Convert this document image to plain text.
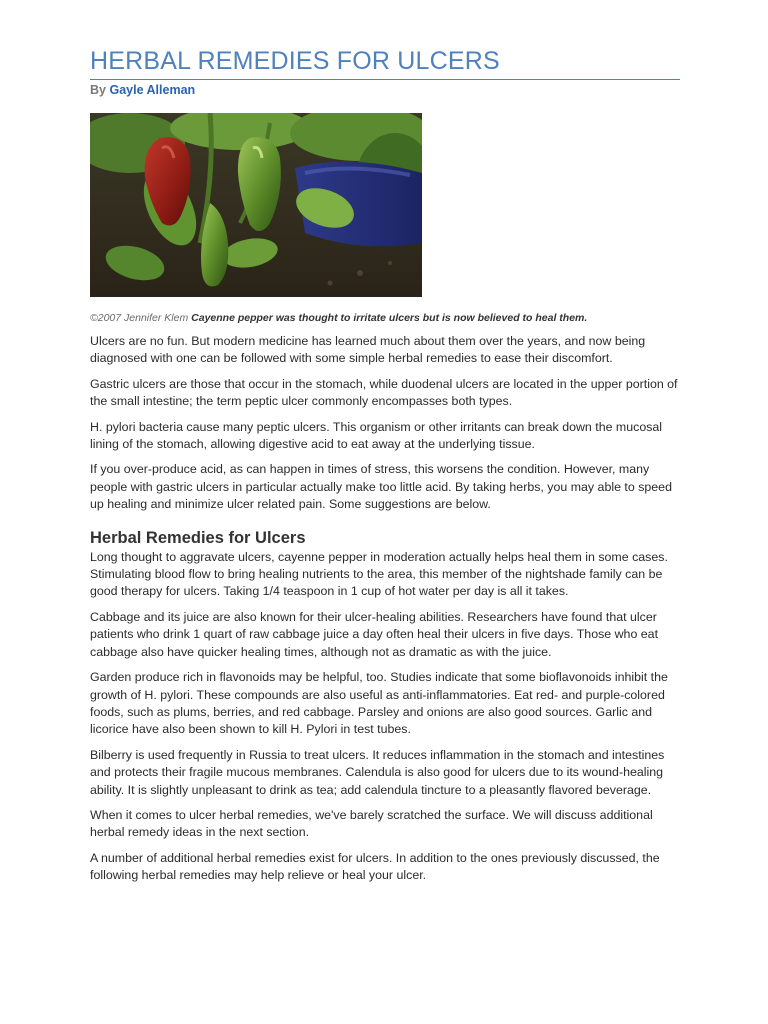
HERBAL REMEDIES FOR ULCERS
By Gayle Alleman
©2007 Jennifer Klem Cayenne pepper was thought to irritate ulcers but is now believed to heal them.

Ulcers are no fun. But modern medicine has learned much about them over the years, and now being diagnosed with one can be followed with some simple herbal remedies to ease their discomfort.

Gastric ulcers are those that occur in the stomach, while duodenal ulcers are located in the upper portion of the small intestine; the term peptic ulcer commonly encompasses both types.

H. pylori bacteria cause many peptic ulcers. This organism or other irritants can break down the mucosal lining of the stomach, allowing digestive acid to eat away at the underlying tissue.

If you over-produce acid, as can happen in times of stress, this worsens the condition. However, many people with gastric ulcers in particular actually make too little acid. By taking herbs, you may able to speed up healing and minimize ulcer related pain. Some suggestions are below.

Herbal Remedies for Ulcers

Long thought to aggravate ulcers, cayenne pepper in moderation actually helps heal them in some cases. Stimulating blood flow to bring healing nutrients to the area, this member of the nightshade family can be good therapy for ulcers. Taking 1/4 teaspoon in 1 cup of hot water per day is all it takes.

Cabbage and its juice are also known for their ulcer-healing abilities. Researchers have found that ulcer patients who drink 1 quart of raw cabbage juice a day often heal their ulcers in five days. Those who eat cabbage also have quicker healing times, although not as dramatic as with the juice.

Garden produce rich in flavonoids may be helpful, too. Studies indicate that some bioflavonoids inhibit the growth of H. pylori. These compounds are also useful as anti-inflammatories. Eat red- and purple-colored foods, such as plums, berries, and red cabbage. Parsley and onions are also good sources. Garlic and licorice have also been shown to kill H. Pylori in test tubes.

Bilberry is used frequently in Russia to treat ulcers. It reduces inflammation in the stomach and intestines and protects their fragile mucous membranes. Calendula is also good for ulcers due to its wound-healing ability. It is slightly unpleasant to drink as tea; add calendula tincture to a pleasantly flavored beverage.

When it comes to ulcer herbal remedies, we've barely scratched the surface. We will discuss additional herbal remedy ideas in the next section.

A number of additional herbal remedies exist for ulcers. In addition to the ones previously discussed, the following herbal remedies may help relieve or heal your ulcer.
